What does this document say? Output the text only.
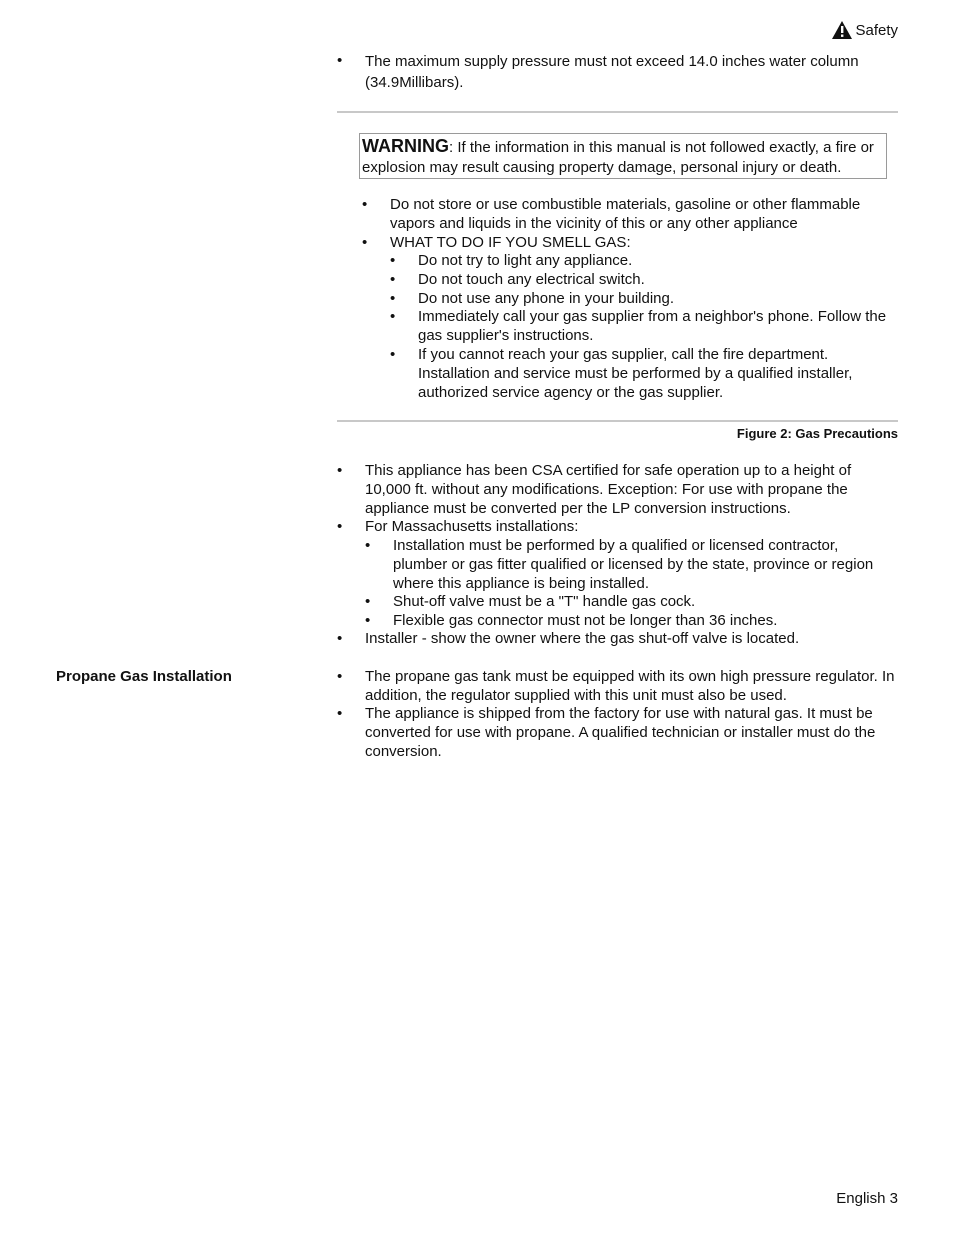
Safety
• The maximum supply pressure must not exceed 14.0 inches water column (34.9Millibars).
WARNING: If the information in this manual is not followed exactly, a fire or explosion may result causing property damage, personal injury or death.
• Do not store or use combustible materials, gasoline or other flammable vapors and liquids in the vicinity of this or any other appliance
• WHAT TO DO IF YOU SMELL GAS:
• Do not try to light any appliance.
• Do not touch any electrical switch.
• Do not use any phone in your building.
• Immediately call your gas supplier from a neighbor's phone. Follow the gas supplier's instructions.
• If you cannot reach your gas supplier, call the fire department. Installation and service must be performed by a qualified installer, authorized service agency or the gas supplier.
Figure 2: Gas Precautions
• This appliance has been CSA certified for safe operation up to a height of 10,000 ft. without any modifications. Exception: For use with propane the appliance must be converted per the LP conversion instructions.
• For Massachusetts installations:
• Installation must be performed by a qualified or licensed contractor, plumber or gas fitter qualified or licensed by the state, province or region where this appliance is being installed.
• Shut-off valve must be a "T" handle gas cock.
• Flexible gas connector must not be longer than 36 inches.
• Installer - show the owner where the gas shut-off valve is located.
Propane Gas Installation	• The propane gas tank must be equipped with its own high pressure regulator. In addition, the regulator supplied with this unit must also be used.
• The appliance is shipped from the factory for use with natural gas. It must be converted for use with propane. A qualified technician or installer must do the conversion.
English 3
